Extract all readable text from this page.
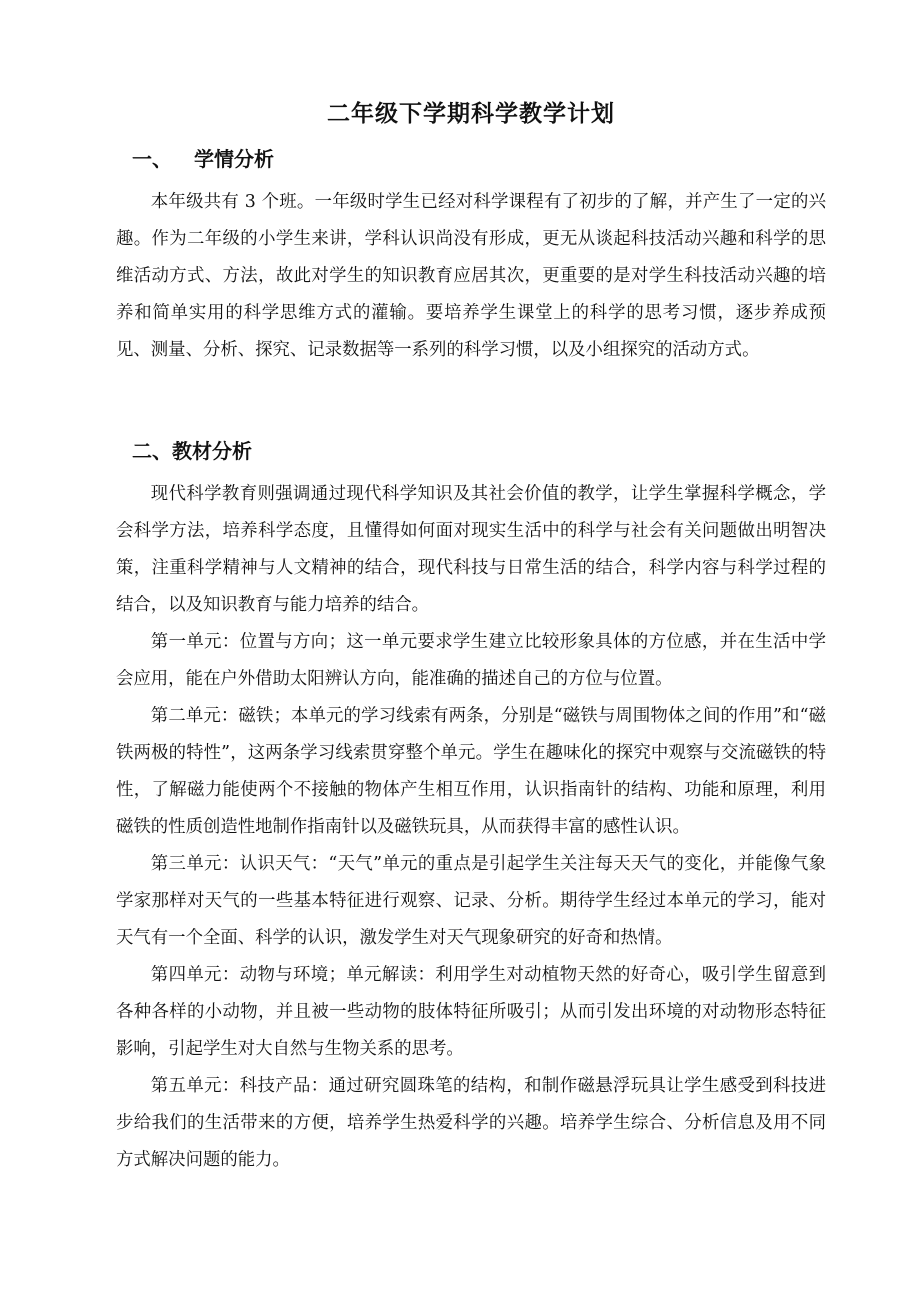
二年级下学期科学教学计划
一、 学情分析

本年级共有 3 个班。一年级时学生已经对科学课程有了初步的了解，并产生了一定的兴趣。作为二年级的小学生来讲，学科认识尚没有形成，更无从谈起科技活动兴趣和科学的思维活动方式、方法，故此对学生的知识教育应居其次，更重要的是对学生科技活动兴趣的培养和简单实用的科学思维方式的灌输。要培养学生课堂上的科学的思考习惯，逐步养成预见、测量、分析、探究、记录数据等一系列的科学习惯，以及小组探究的活动方式。

二、教材分析

现代科学教育则强调通过现代科学知识及其社会价值的教学，让学生掌握科学概念，学会科学方法，培养科学态度，且懂得如何面对现实生活中的科学与社会有关问题做出明智决策，注重科学精神与人文精神的结合，现代科技与日常生活的结合，科学内容与科学过程的结合，以及知识教育与能力培养的结合。

第一单元：位置与方向；这一单元要求学生建立比较形象具体的方位感，并在生活中学会应用，能在户外借助太阳辨认方向，能准确的描述自己的方位与位置。

第二单元：磁铁；本单元的学习线索有两条，分别是“磁铁与周围物体之间的作用”和“磁铁两极的特性”，这两条学习线索贯穿整个单元。学生在趣味化的探究中观察与交流磁铁的特性，了解磁力能使两个不接触的物体产生相互作用，认识指南针的结构、功能和原理，利用磁铁的性质创造性地制作指南针以及磁铁玩具，从而获得丰富的感性认识。

第三单元：认识天气：“天气”单元的重点是引起学生关注每天天气的变化，并能像气象学家那样对天气的一些基本特征进行观察、记录、分析。期待学生经过本单元的学习，能对天气有一个全面、科学的认识，激发学生对天气现象研究的好奇和热情。

第四单元：动物与环境；单元解读：利用学生对动植物天然的好奇心，吸引学生留意到各种各样的小动物，并且被一些动物的肢体特征所吸引；从而引发出环境的对动物形态特征影响，引起学生对大自然与生物关系的思考。

第五单元：科技产品：通过研究圆珠笔的结构，和制作磁悬浮玩具让学生感受到科技进步给我们的生活带来的方便，培养学生热爱科学的兴趣。培养学生综合、分析信息及用不同方式解决问题的能力。
